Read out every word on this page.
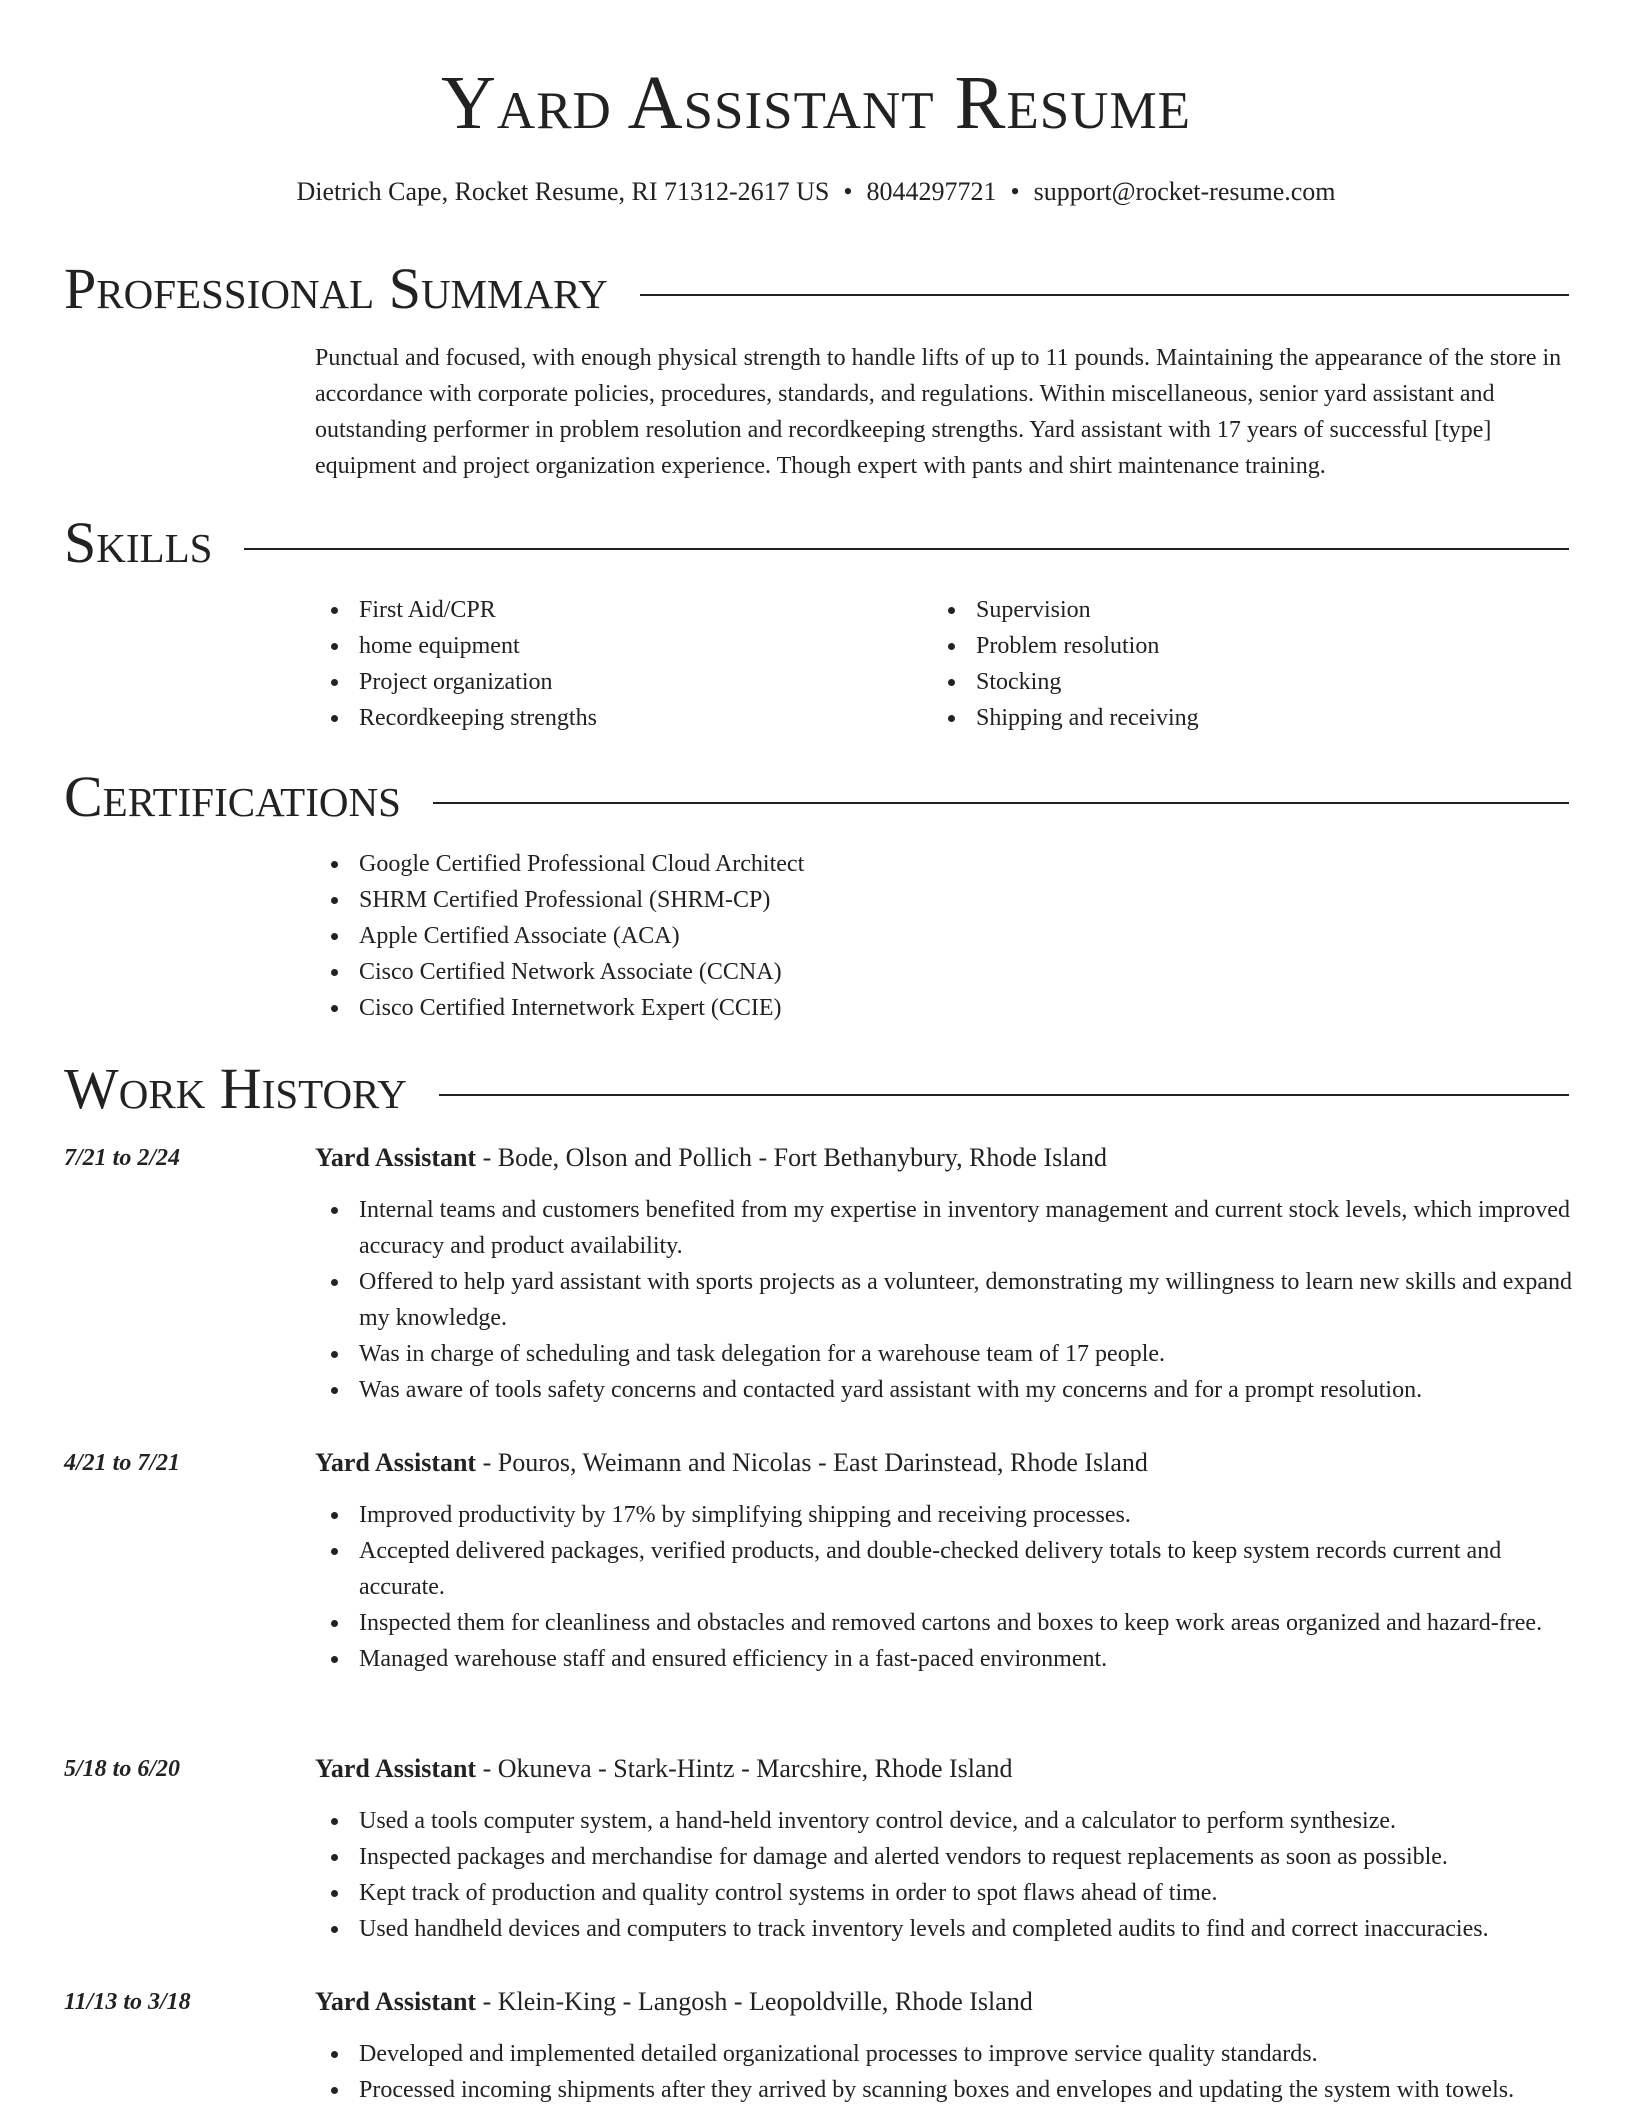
Yard Assistant Resume
Dietrich Cape, Rocket Resume, RI 71312-2617 US • 8044297721 • support@rocket-resume.com
Professional Summary

Punctual and focused, with enough physical strength to handle lifts of up to 11 pounds. Maintaining the appearance of the store in accordance with corporate policies, procedures, standards, and regulations. Within miscellaneous, senior yard assistant and outstanding performer in problem resolution and recordkeeping strengths. Yard assistant with 17 years of successful [type] equipment and project organization experience. Though expert with pants and shirt maintenance training.

Skills
First Aid/CPR
home equipment
Project organization
Recordkeeping strengths
Supervision
Problem resolution
Stocking
Shipping and receiving
Certifications
Google Certified Professional Cloud Architect
SHRM Certified Professional (SHRM-CP)
Apple Certified Associate (ACA)
Cisco Certified Network Associate (CCNA)
Cisco Certified Internetwork Expert (CCIE)
Work History
7/21 to 2/24	Yard Assistant - Bode, Olson and Pollich - Fort Bethanybury, Rhode Island
Internal teams and customers benefited from my expertise in inventory management and current stock levels, which improved accuracy and product availability.
Offered to help yard assistant with sports projects as a volunteer, demonstrating my willingness to learn new skills and expand my knowledge.
Was in charge of scheduling and task delegation for a warehouse team of 17 people.
Was aware of tools safety concerns and contacted yard assistant with my concerns and for a prompt resolution.
4/21 to 7/21	Yard Assistant - Pouros, Weimann and Nicolas - East Darinstead, Rhode Island
Improved productivity by 17% by simplifying shipping and receiving processes.
Accepted delivered packages, verified products, and double-checked delivery totals to keep system records current and accurate.
Inspected them for cleanliness and obstacles and removed cartons and boxes to keep work areas organized and hazard-free.
Managed warehouse staff and ensured efficiency in a fast-paced environment.
5/18 to 6/20	Yard Assistant - Okuneva - Stark-Hintz - Marcshire, Rhode Island
Used a tools computer system, a hand-held inventory control device, and a calculator to perform synthesize.
Inspected packages and merchandise for damage and alerted vendors to request replacements as soon as possible.
Kept track of production and quality control systems in order to spot flaws ahead of time.
Used handheld devices and computers to track inventory levels and completed audits to find and correct inaccuracies.
11/13 to 3/18	Yard Assistant - Klein-King - Langosh - Leopoldville, Rhode Island
Developed and implemented detailed organizational processes to improve service quality standards.
Processed incoming shipments after they arrived by scanning boxes and envelopes and updating the system with towels.
